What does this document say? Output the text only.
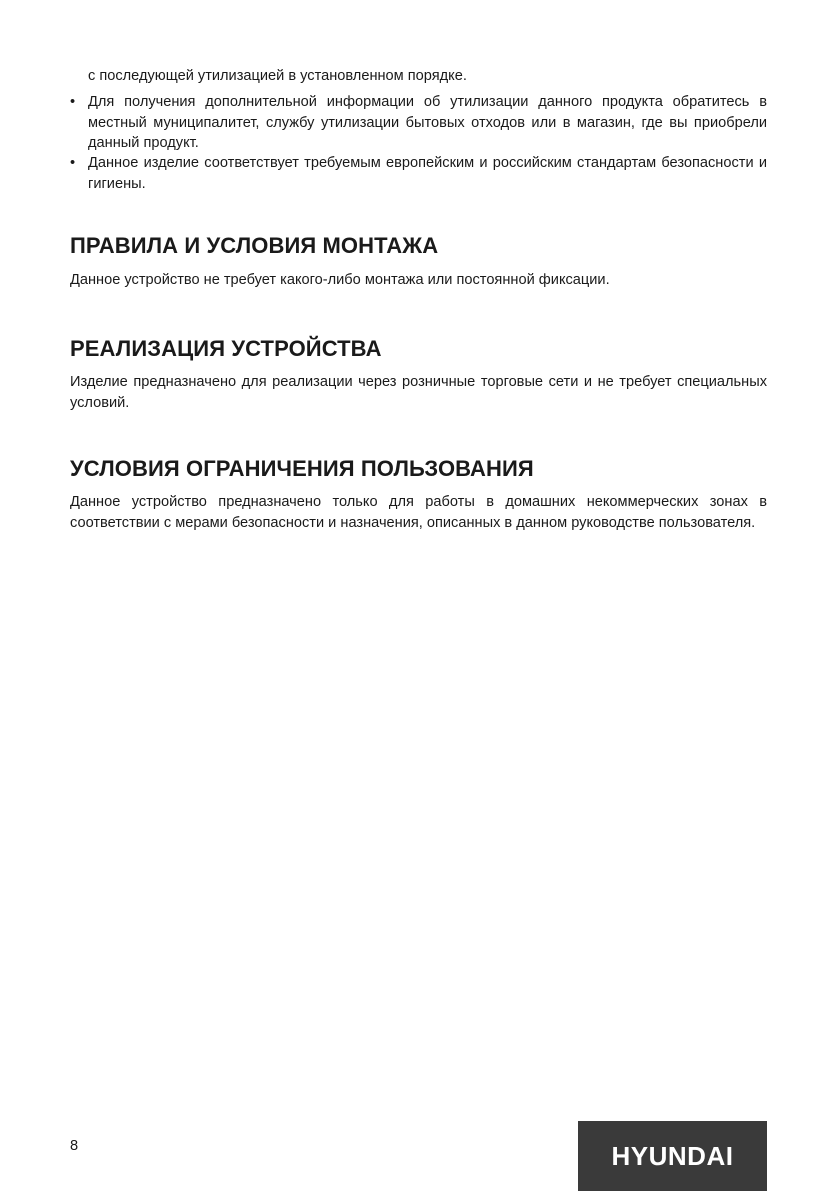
с последующей утилизацией в установленном порядке.

• Для получения дополнительной информации об утилизации данного продукта обратитесь в местный муниципалитет, службу утилизации бытовых отходов или в магазин, где вы приобрели данный продукт.

• Данное изделие соответствует требуемым европейским и российским стандартам безопасности и гигиены.

ПРАВИЛА И УСЛОВИЯ МОНТАЖА

Данное устройство не требует какого-либо монтажа или постоянной фиксации.

РЕАЛИЗАЦИЯ УСТРОЙСТВА

Изделие предназначено для реализации через розничные торговые сети и не требует специальных условий.

УСЛОВИЯ ОГРАНИЧЕНИЯ ПОЛЬЗОВАНИЯ

Данное устройство предназначено только для работы в домашних некоммерческих зонах в соответствии с мерами безопасности и назначения, описанных в данном руководстве пользователя.

8	HYUNDAI
